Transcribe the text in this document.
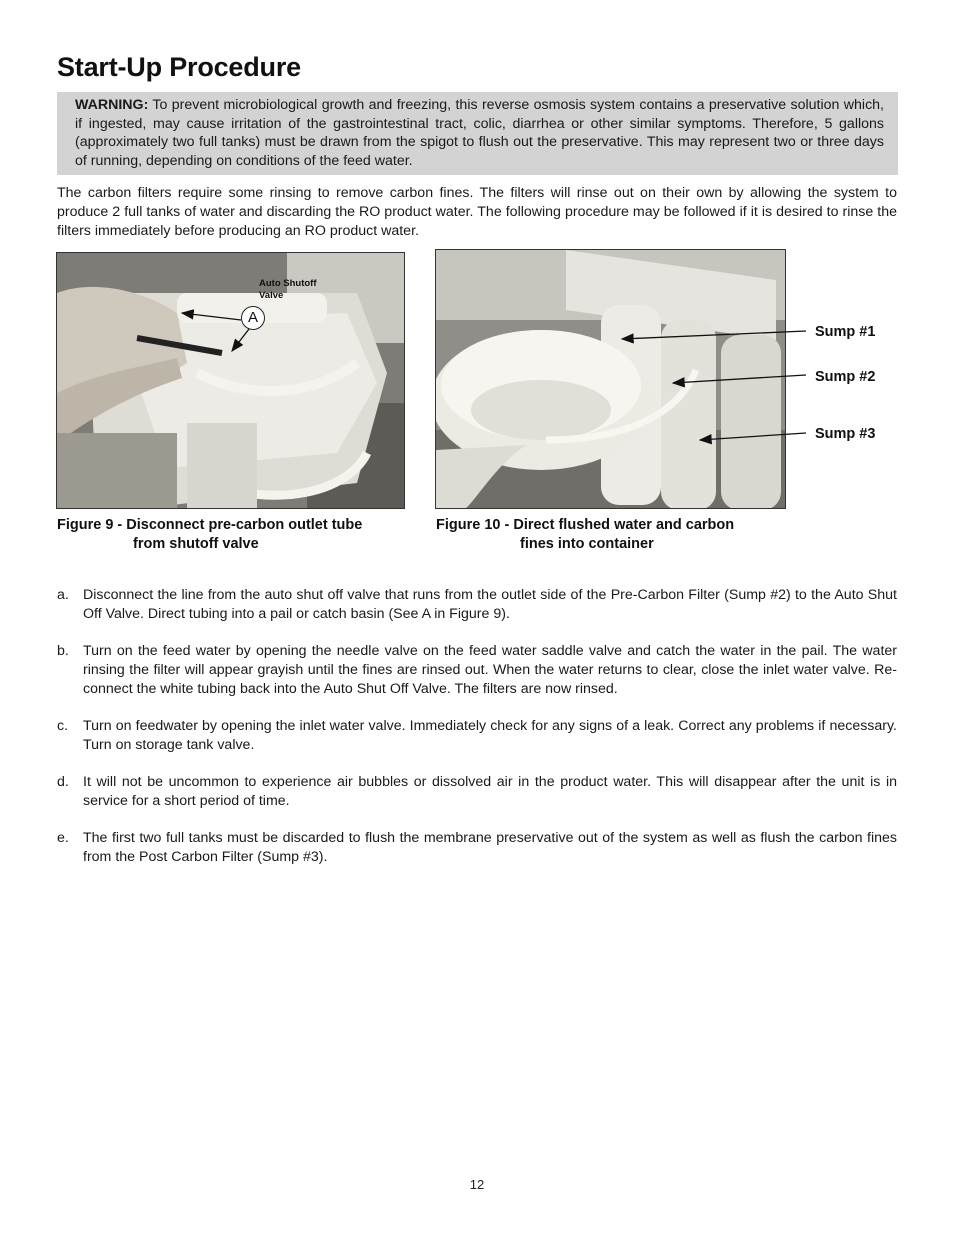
Start-Up Procedure
WARNING: To prevent microbiological growth and freezing, this reverse osmosis system contains a preservative solution which, if ingested, may cause irritation of the gastrointestinal tract, colic, diarrhea or other similar symptoms. Therefore, 5 gallons (approximately two full tanks) must be drawn from the spigot to flush out the preservative. This may represent two or three days of running, depending on conditions of the feed water.

The carbon filters require some rinsing to remove carbon fines. The filters will rinse out on their own by allowing the system to produce 2 full tanks of water and discarding the RO product water. The following procedure may be followed if it is desired to rinse the filters immediately before producing an RO product water.

Auto Shutoff
Valve
A
Sump #1
Sump #2
Sump #3
Figure 9 - Disconnect pre-carbon outlet tube
from shutoff valve
Figure 10 - Direct flushed water and carbon
fines into container
a. Disconnect the line from the auto shut off valve that runs from the outlet side of the Pre-Carbon Filter (Sump #2) to the Auto Shut Off Valve. Direct tubing into a pail or catch basin (See A in Figure 9).
b. Turn on the feed water by opening the needle valve on the feed water saddle valve and catch the water in the pail. The water rinsing the filter will appear grayish until the fines are rinsed out. When the water returns to clear, close the inlet water valve. Re-connect the white tubing back into the Auto Shut Off Valve. The filters are now rinsed.
c.	Turn on feedwater by opening the inlet water valve. Immediately check for any signs of a leak. Correct any problems if necessary. Turn on storage tank valve.
d. It will not be uncommon to experience air bubbles or dissolved air in the product water. This will disappear after the unit is in service for a short period of time.
e. The first two full tanks must be discarded to flush the membrane preservative out of the system as well as flush the carbon fines from the Post Carbon Filter (Sump #3).
12
